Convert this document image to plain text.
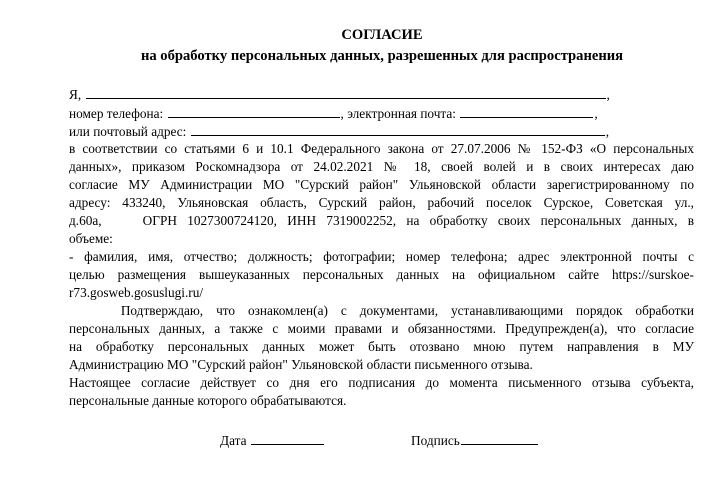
СОГЛАСИЕ
на обработку персональных данных, разрешенных для распространения
Я,	,
номер телефона:	, электронная почта:	,
или почтовый адрес:	,
в соответствии со статьями 6 и 10.1 Федерального закона от 27.07.2006 № 152-ФЗ «О персональных
данных», приказом Роскомнадзора от 24.02.2021 № 18, своей волей и в своих интересах даю
согласие МУ Администрации МО "Сурский район" Ульяновской области зарегистрированному по
адресу: 433240, Ульяновская область, Сурский район, рабочий поселок Сурское, Советская ул.,
д.60а,    ОГРН 1027300724120, ИНН 7319002252, на обработку своих персональных данных, в
объеме:
- фамилия, имя, отчество; должность; фотографии; номер телефона; адрес электронной почты с
целью размещения вышеуказанных персональных данных на официальном сайте https://surskoe-
r73.gosweb.gosuslugi.ru/
Подтверждаю, что ознакомлен(а) с документами, устанавливающими порядок обработки
персональных данных, а также с моими правами и обязанностями. Предупрежден(а), что согласие
на обработку персональных данных может быть отозвано мною путем направления в МУ
Администрацию МО "Сурский район" Ульяновской области письменного отзыва.
Настоящее согласие действует со дня его подписания до момента письменного отзыва субъекта,
персональные данные которого обрабатываются.
Дата	Подпись
